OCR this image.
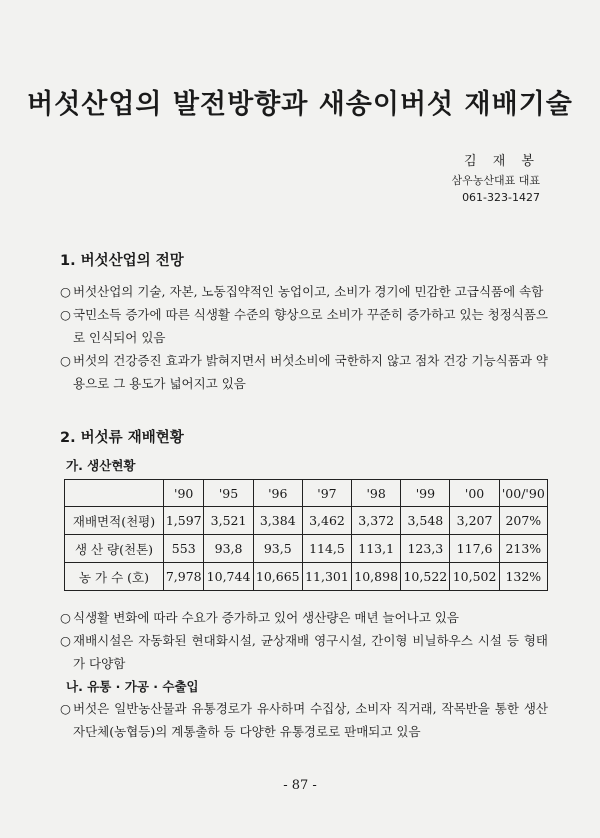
버섯산업의 발전방향과 새송이버섯 재배기술
김 재 봉
삼우농산대표 대표
061-323-1427
1. 버섯산업의 전망
○ 버섯산업의 기술, 자본, 노동집약적인 농업이고, 소비가 경기에 민감한 고급식품에 속함
○ 국민소득 증가에 따른 식생활 수준의 향상으로 소비가 꾸준히 증가하고 있는 청정식품으로 인식되어 있음
○ 버섯의 건강증진 효과가 밝혀지면서 버섯소비에 국한하지 않고 점차 건강 기능식품과 약용으로 그 용도가 넓어지고 있음
2. 버섯류 재배현황
가. 생산현황
	'90	'95	'96	'97	'98	'99	'00	'00/'90
재배면적(천평)	1,597	3,521	3,384	3,462	3,372	3,548	3,207	207%
생 산 량(천톤)	553	93,8	93,5	114,5	113,1	123,3	117,6	213%
농 가 수 (호)	7,978	10,744	10,665	11,301	10,898	10,522	10,502	132%
○ 식생활 변화에 따라 수요가 증가하고 있어 생산량은 매년 늘어나고 있음
○ 재배시설은 자동화된 현대화시설, 균상재배 영구시설, 간이형 비닐하우스 시설 등 형태가 다양함
나. 유통 · 가공 · 수출입
○ 버섯은 일반농산물과 유통경로가 유사하며 수집상, 소비자 직거래, 작목반을 통한 생산자단체(농협등)의 계통출하 등 다양한 유통경로로 판매되고 있음
- 87 -
